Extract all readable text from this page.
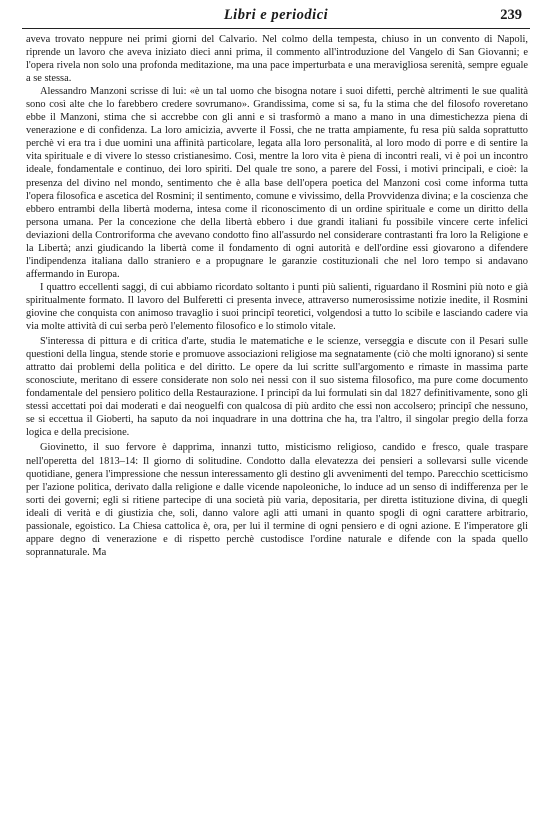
Libri e periodici	239

aveva trovato neppure nei primi giorni del Calvario. Nel colmo della tempesta, chiuso in un convento di Napoli, riprende un lavoro che aveva iniziato dieci anni prima, il commento all'introduzione del Vangelo di San Giovanni; e l'opera rivela non solo una profonda meditazione, ma una pace imperturbata e una meravigliosa serenità, sempre eguale a se stessa.

Alessandro Manzoni scrisse di lui: «è un tal uomo che bisogna notare i suoi difetti, perchè altrimenti le sue qualità sono così alte che lo farebbero credere sovrumano». Grandissima, come si sa, fu la stima che del filosofo roveretano ebbe il Manzoni, stima che si accrebbe con gli anni e si trasformò a mano a mano in una dimestichezza piena di venerazione e di confidenza. La loro amicizia, avverte il Fossi, che ne tratta ampiamente, fu resa più salda soprattutto perchè vi era tra i due uomini una affinità particolare, legata alla loro personalità, al loro modo di porre e di sentire la vita spirituale e di vivere lo stesso cristianesimo. Così, mentre la loro vita è piena di incontri reali, vi è poi un incontro ideale, fondamentale e continuo, dei loro spiriti. Del quale tre sono, a parere del Fossi, i motivi principali, e cioè: la presenza del divino nel mondo, sentimento che è alla base dell'opera poetica del Manzoni così come informa tutta l'opera filosofica e ascetica del Rosmini; il sentimento, comune e vivissimo, della Provvidenza divina; e la coscienza che ebbero entrambi della libertà moderna, intesa come il riconoscimento di un ordine spirituale e come un diritto della persona umana. Per la concezione che della libertà ebbero i due grandi italiani fu possibile vincere certe infelici deviazioni della Controriforma che avevano condotto fino all'assurdo nel considerare contrastanti fra loro la Religione e la Libertà; anzi giudicando la libertà come il fondamento di ogni autorità e dell'ordine essi giovarono a difendere l'indipendenza italiana dallo straniero e a propugnare le garanzie costituzionali che nel loro tempo si andavano affermando in Europa.

I quattro eccellenti saggi, di cui abbiamo ricordato soltanto i punti più salienti, riguardano il Rosmini più noto e già spiritualmente formato. Il lavoro del Bulferetti ci presenta invece, attraverso numerosissime notizie inedite, il Rosmini giovine che conquista con animoso travaglio i suoi principî teoretici, volgendosi a tutto lo scibile e lasciando cadere via via molte attività di cui serba però l'elemento filosofico e lo stimolo vitale.

S'interessa di pittura e di critica d'arte, studia le matematiche e le scienze, verseggia e discute con il Pesari sulle questioni della lingua, stende storie e promuove associazioni religiose ma segnatamente (ciò che molti ignorano) si sente attratto dai problemi della politica e del diritto. Le opere da lui scritte sull'argomento e rimaste in massima parte sconosciute, meritano di essere considerate non solo nei nessi con il suo sistema filosofico, ma pure come documento fondamentale del pensiero politico della Restaurazione. I principî da lui formulati sin dal 1827 definitivamente, sono gli stessi accettati poi dai moderati e dai neoguelfi con qualcosa di più ardito che essi non accolsero; principî che nessuno, se si eccettua il Gioberti, ha saputo da noi inquadrare in una dottrina che ha, tra l'altro, il singolar pregio della forza logica e della precisione.

Giovinetto, il suo fervore è dapprima, innanzi tutto, misticismo religioso, candido e fresco, quale traspare nell'operetta del 1813–14: Il giorno di solitudine. Condotto dalla elevatezza dei pensieri a sollevarsi sulle vicende quotidiane, genera l'impressione che nessun interessamento gli destino gli avvenimenti del tempo. Parecchio scetticismo per l'azione politica, derivato dalla religione e dalle vicende napoleoniche, lo induce ad un senso di indifferenza per le sorti dei governi; egli si ritiene partecipe di una società più varia, depositaria, per diretta istituzione divina, di quegli ideali di verità e di giustizia che, soli, danno valore agli atti umani in quanto spogli di ogni carattere arbitrario, passionale, egoistico. La Chiesa cattolica è, ora, per lui il termine di ogni pensiero e di ogni azione. E l'imperatore gli appare degno di venerazione e di rispetto perchè custodisce l'ordine naturale e difende con la spada quello soprannaturale. Ma
